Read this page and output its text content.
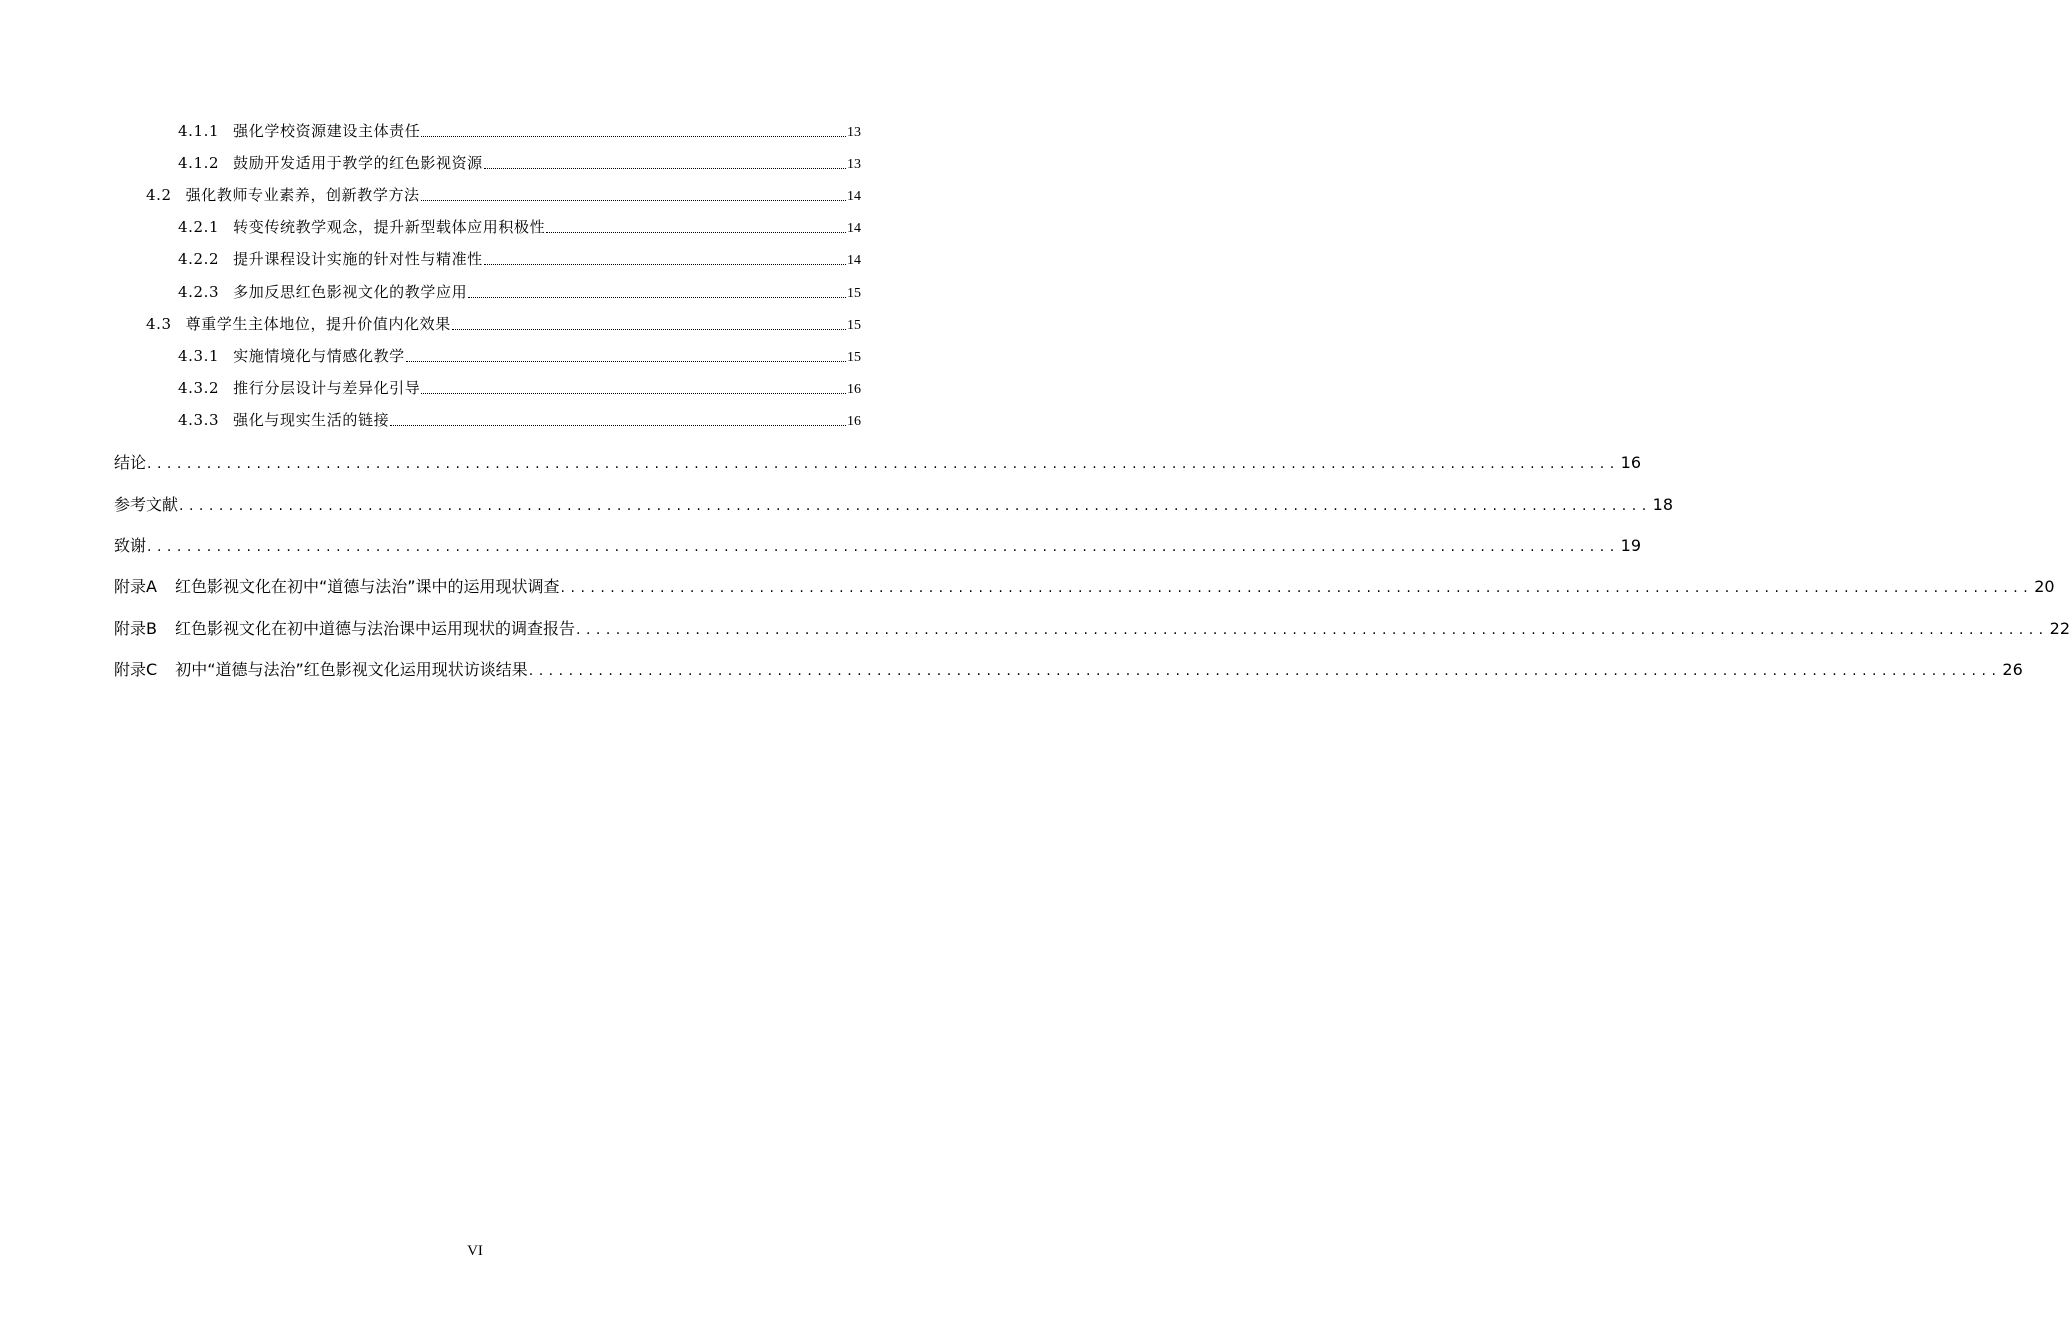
4.1.1 强化学校资源建设主体责任	13
4.1.2 鼓励开发适用于教学的红色影视资源	13
4.2 强化教师专业素养，创新教学方法	14
4.2.1 转变传统教学观念，提升新型载体应用积极性	14
4.2.2 提升课程设计实施的针对性与精准性	14
4.2.3 多加反思红色影视文化的教学应用	15
4.3 尊重学生主体地位，提升价值内化效果	15
4.3.1 实施情境化与情感化教学	15
4.3.2 推行分层设计与差异化引导	16
4.3.3 强化与现实生活的链接	16
结论 .................................................................................................................................................... 16
参考文献 .................................................................................................................................................... 18
致谢 .................................................................................................................................................... 19
附录A 红色影视文化在初中“道德与法治”课中的运用现状调查 .................................................................................................................................................... 20
附录B 红色影视文化在初中道德与法治课中运用现状的调查报告 .................................................................................................................................................... 22
附录C 初中“道德与法治”红色影视文化运用现状访谈结果 .................................................................................................................................................... 26
VI
